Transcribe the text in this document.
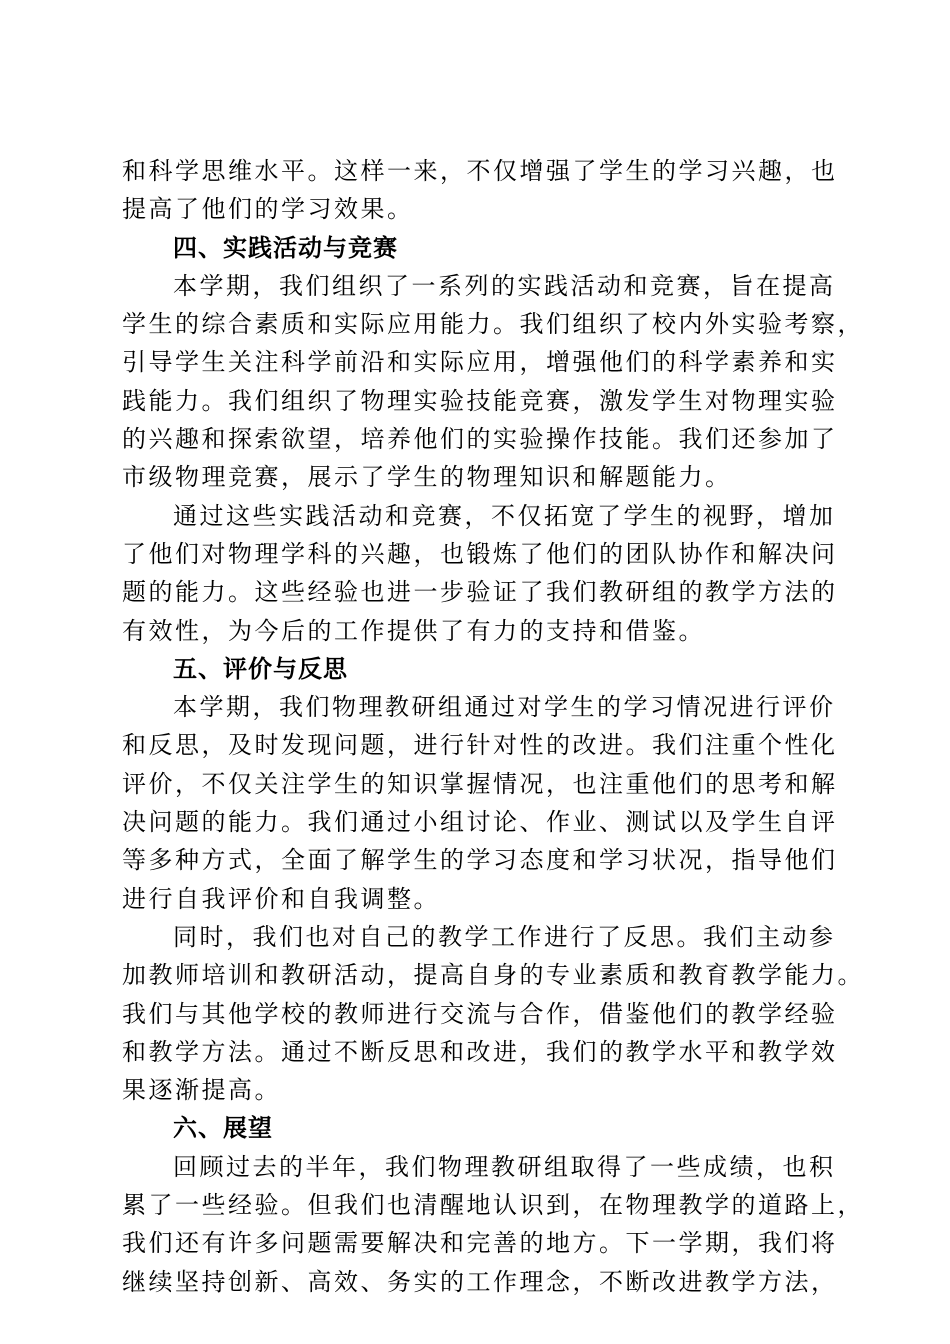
和科学思维水平。这样一来，不仅增强了学生的学习兴趣，也
提高了他们的学习效果。
四、实践活动与竞赛
本学期，我们组织了一系列的实践活动和竞赛，旨在提高
学生的综合素质和实际应用能力。我们组织了校内外实验考察，
引导学生关注科学前沿和实际应用，增强他们的科学素养和实
践能力。我们组织了物理实验技能竞赛，激发学生对物理实验
的兴趣和探索欲望，培养他们的实验操作技能。我们还参加了
市级物理竞赛，展示了学生的物理知识和解题能力。
通过这些实践活动和竞赛，不仅拓宽了学生的视野，增加
了他们对物理学科的兴趣，也锻炼了他们的团队协作和解决问
题的能力。这些经验也进一步验证了我们教研组的教学方法的
有效性，为今后的工作提供了有力的支持和借鉴。
五、评价与反思
本学期，我们物理教研组通过对学生的学习情况进行评价
和反思，及时发现问题，进行针对性的改进。我们注重个性化
评价，不仅关注学生的知识掌握情况，也注重他们的思考和解
决问题的能力。我们通过小组讨论、作业、测试以及学生自评
等多种方式，全面了解学生的学习态度和学习状况，指导他们
进行自我评价和自我调整。
同时，我们也对自己的教学工作进行了反思。我们主动参
加教师培训和教研活动，提高自身的专业素质和教育教学能力。
我们与其他学校的教师进行交流与合作，借鉴他们的教学经验
和教学方法。通过不断反思和改进，我们的教学水平和教学效
果逐渐提高。
六、展望
回顾过去的半年，我们物理教研组取得了一些成绩，也积
累了一些经验。但我们也清醒地认识到，在物理教学的道路上，
我们还有许多问题需要解决和完善的地方。下一学期，我们将
继续坚持创新、高效、务实的工作理念，不断改进教学方法，
